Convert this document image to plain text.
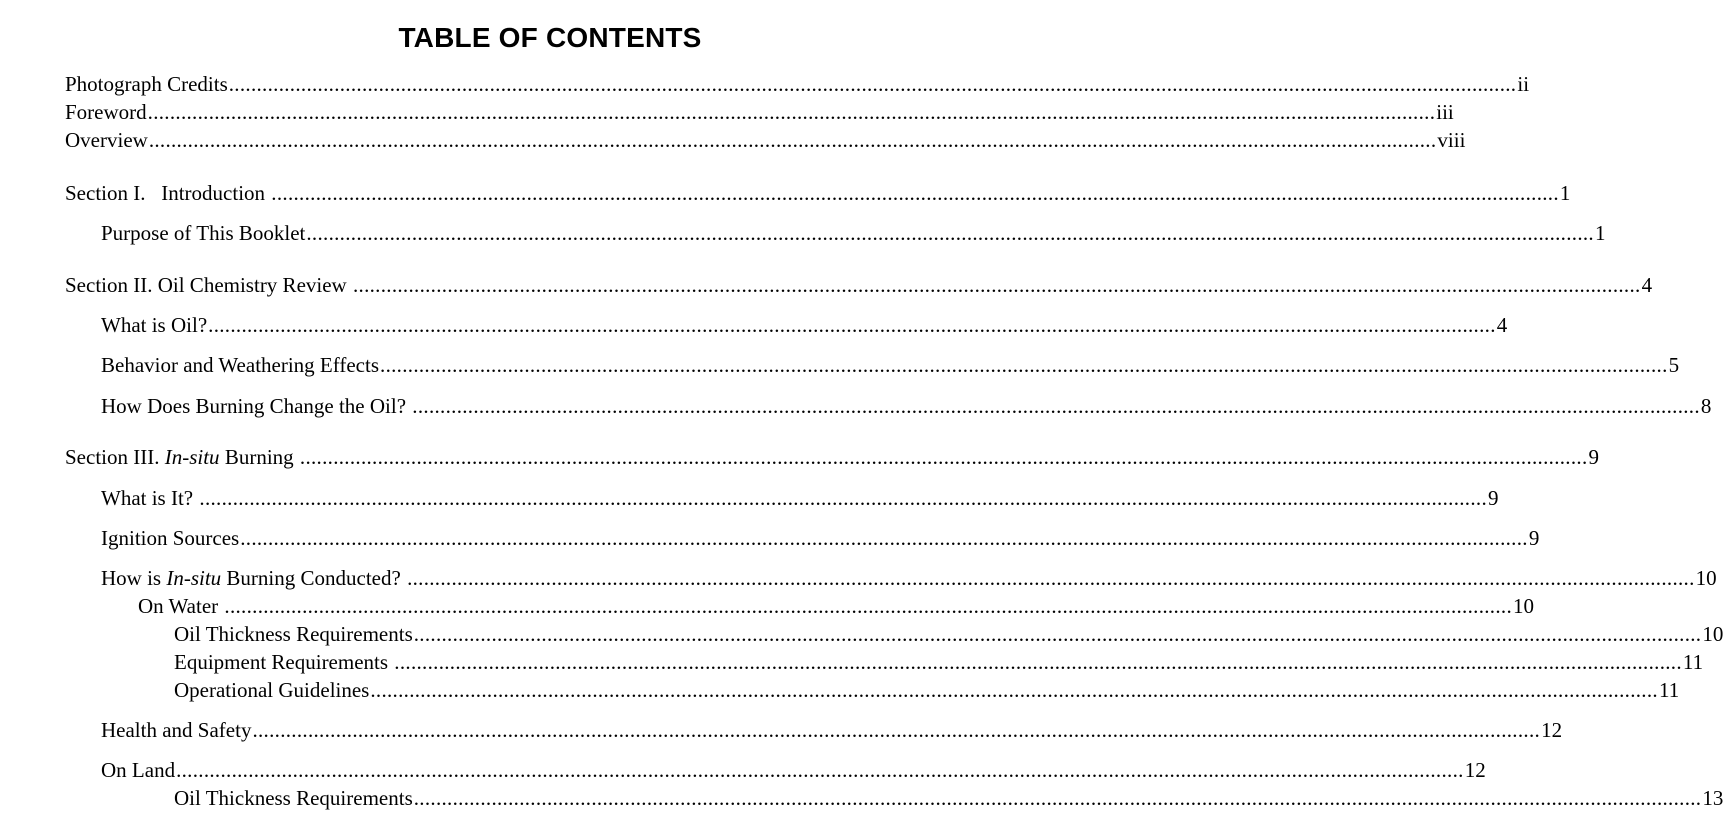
TABLE OF CONTENTS
Photograph Credits ........................................................................................................................................................................................................................................ ii
Foreword ........................................................................................................................................................................................................................................ iii
Overview ........................................................................................................................................................................................................................................ viii
Section I.   Introduction ........................................................................................................................................................................................................................................ 1
Purpose of This Booklet ........................................................................................................................................................................................................................................ 1
Section II. Oil Chemistry Review ........................................................................................................................................................................................................................................ 4
What is Oil? ........................................................................................................................................................................................................................................ 4
Behavior and Weathering Effects ........................................................................................................................................................................................................................................ 5
How Does Burning Change the Oil? ........................................................................................................................................................................................................................................ 8
Section III. In-situ Burning ........................................................................................................................................................................................................................................ 9
What is It? ........................................................................................................................................................................................................................................ 9
Ignition Sources ........................................................................................................................................................................................................................................ 9
How is In-situ Burning Conducted? ........................................................................................................................................................................................................................................ 10
On Water ........................................................................................................................................................................................................................................ 10
Oil Thickness Requirements ........................................................................................................................................................................................................................................ 10
Equipment Requirements ........................................................................................................................................................................................................................................ 11
Operational Guidelines ........................................................................................................................................................................................................................................ 11
Health and Safety ........................................................................................................................................................................................................................................ 12
On Land ........................................................................................................................................................................................................................................ 12
Oil Thickness Requirements ........................................................................................................................................................................................................................................ 13
